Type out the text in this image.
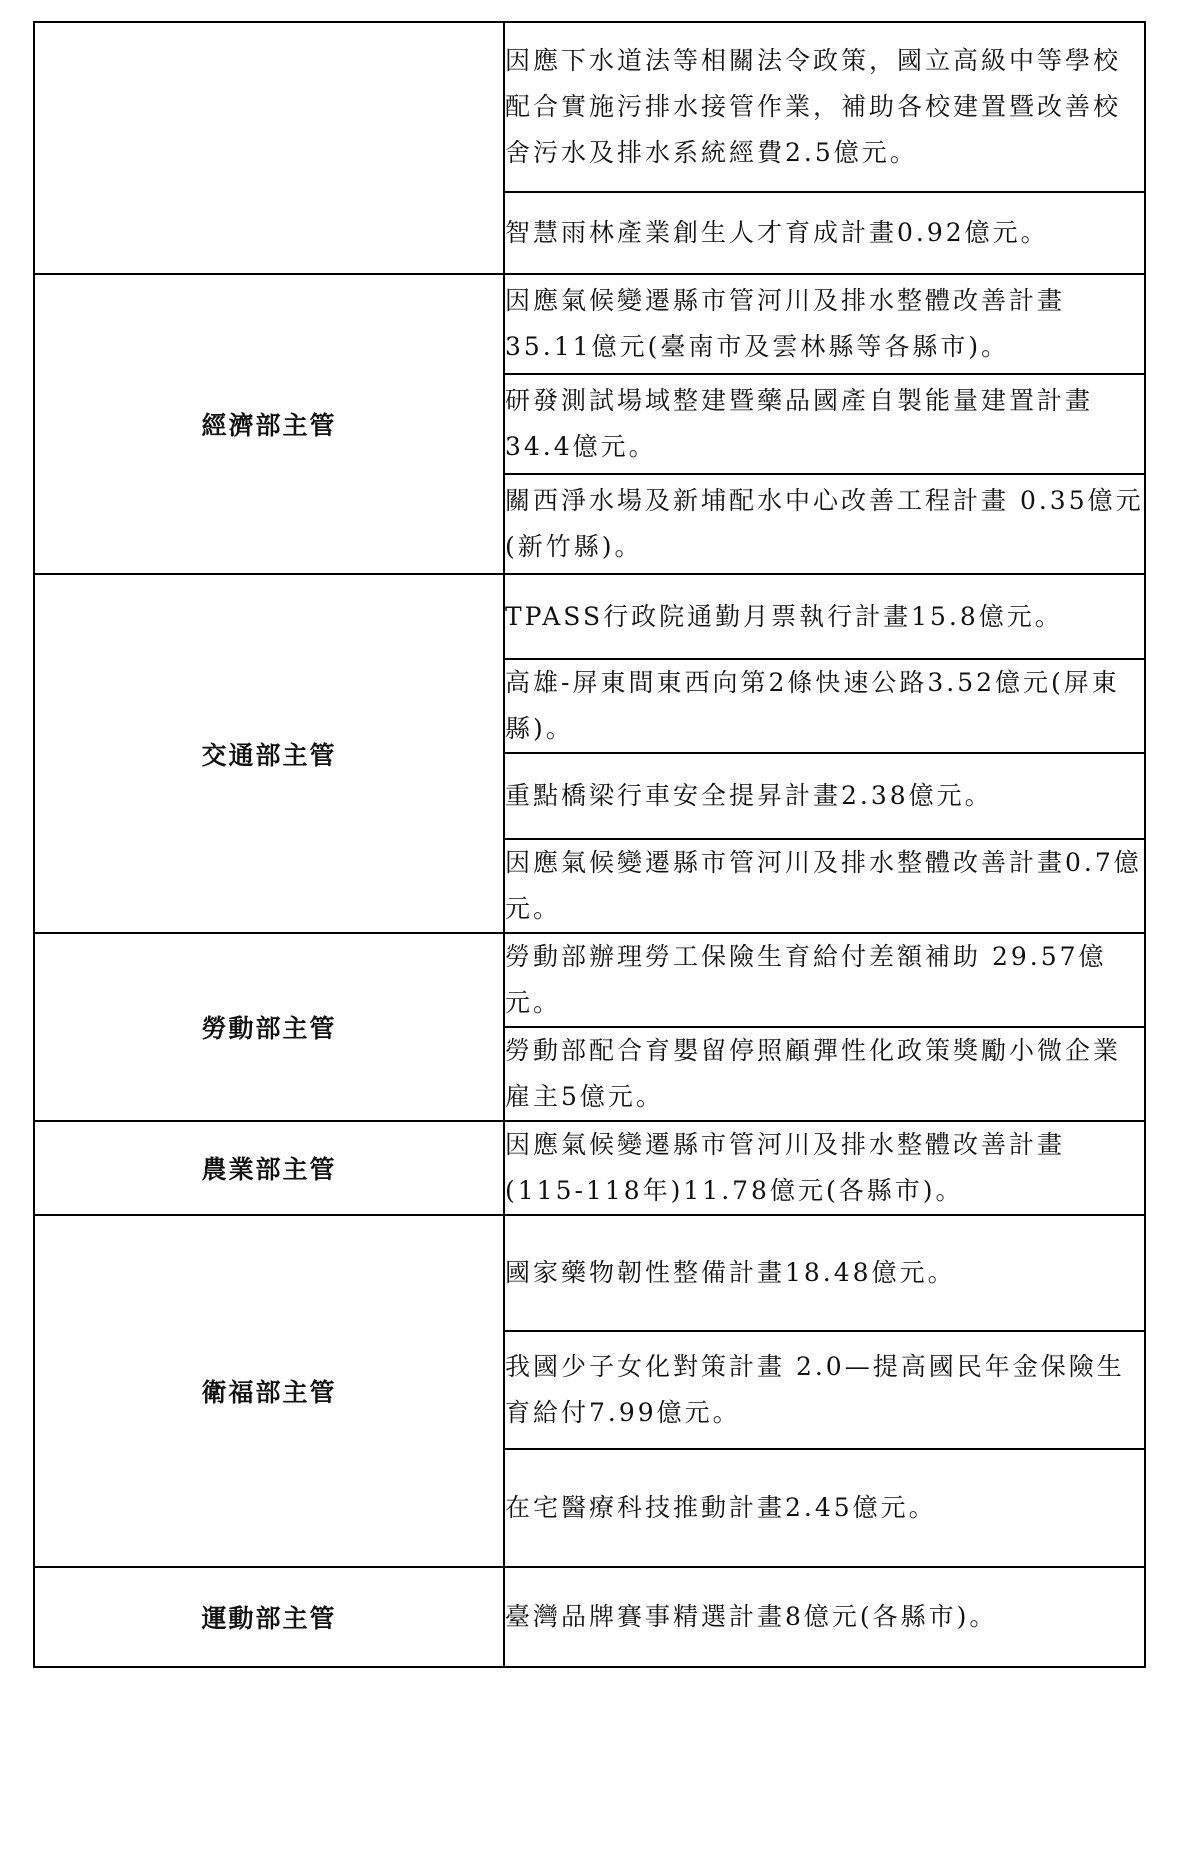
	因應下水道法等相關法令政策，國立高級中等學校配合實施污排水接管作業，補助各校建置暨改善校舍污水及排水系統經費2.5億元。

	智慧雨林產業創生人才育成計畫0.92億元。

經濟部主管	因應氣候變遷縣市管河川及排水整體改善計畫35.11億元(臺南市及雲林縣等各縣市)。

	研發測試場域整建暨藥品國產自製能量建置計畫34.4億元。

	關西淨水場及新埔配水中心改善工程計畫 0.35億元(新竹縣)。

交通部主管	TPASS行政院通勤月票執行計畫15.8億元。

	高雄-屏東間東西向第2條快速公路3.52億元(屏東縣)。

	重點橋梁行車安全提昇計畫2.38億元。

	因應氣候變遷縣市管河川及排水整體改善計畫0.7億元。

勞動部主管	勞動部辦理勞工保險生育給付差額補助 29.57億元。

	勞動部配合育嬰留停照顧彈性化政策獎勵小微企業雇主5億元。

農業部主管	因應氣候變遷縣市管河川及排水整體改善計畫(115-118年)11.78億元(各縣市)。

衛福部主管	國家藥物韌性整備計畫18.48億元。

	我國少子女化對策計畫 2.0—提高國民年金保險生育給付7.99億元。

	在宅醫療科技推動計畫2.45億元。

運動部主管	臺灣品牌賽事精選計畫8億元(各縣市)。
